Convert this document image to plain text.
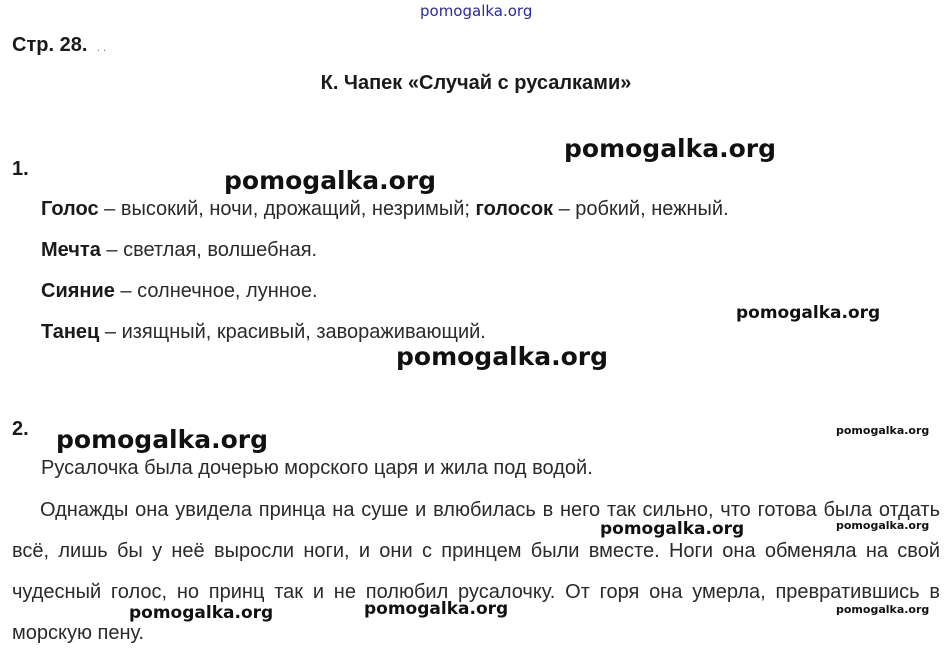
pomogalka.org
Стр. 28. . .
К. Чапек «Случай с русалками»
1.
Голос – высокий, ночи, дрожащий, незримый; голосок – робкий, нежный.
Мечта – светлая, волшебная.
Сияние – солнечное, лунное.
Танец – изящный, красивый, завораживающий.
2.
Русалочка была дочерью морского царя и жила под водой.

Однажды она увидела принца на суше и влюбилась в него так сильно, что готова была отдать всё, лишь бы у неё выросли ноги, и они с принцем были вместе. Ноги она обменяла на свой чудесный голос, но принц так и не полюбил русалочку. От горя она умерла, превратившись в морскую пену.

pomogalka.org
pomogalka.org
pomogalka.org
pomogalka.org
pomogalka.org	pomogalka.org
pomogalka.org	pomogalka.org
pomogalka.org	pomogalka.org	pomogalka.org
